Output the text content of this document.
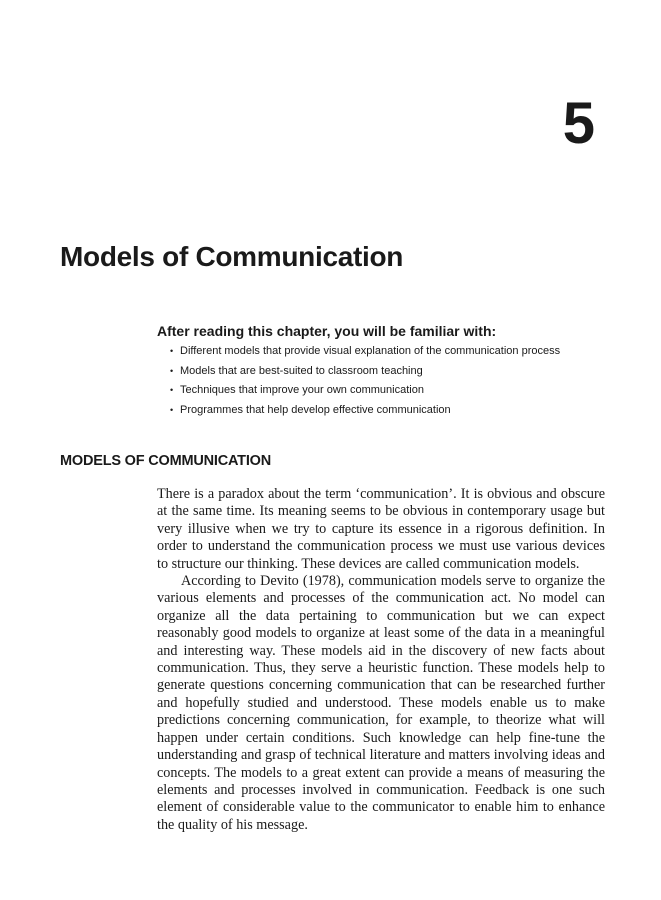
5
Models of Communication
After reading this chapter, you will be familiar with:
• Different models that provide visual explanation of the communication process
• Models that are best-suited to classroom teaching
• Techniques that improve your own communication
• Programmes that help develop effective communication
MODELS OF COMMUNICATION

There is a paradox about the term ‘communication’. It is obvious and obscure at the same time. Its meaning seems to be obvious in contemporary usage but very illusive when we try to capture its essence in a rigorous definition. In order to understand the communication process we must use various devices to structure our thinking. These devices are called communication models.

According to Devito (1978), communication models serve to organize the various elements and processes of the communication act. No model can organize all the data pertaining to communication but we can expect reasonably good models to organize at least some of the data in a meaningful and interesting way. These models aid in the discovery of new facts about communication. Thus, they serve a heuristic function. These models help to generate questions concerning communication that can be researched further and hopefully studied and understood. These models enable us to make predictions concerning communication, for example, to theorize what will happen under certain conditions. Such knowledge can help fine-tune the understanding and grasp of technical literature and matters involving ideas and concepts. The models to a great extent can provide a means of measuring the elements and processes involved in communication. Feedback is one such element of considerable value to the communicator to enable him to enhance the quality of his message.
